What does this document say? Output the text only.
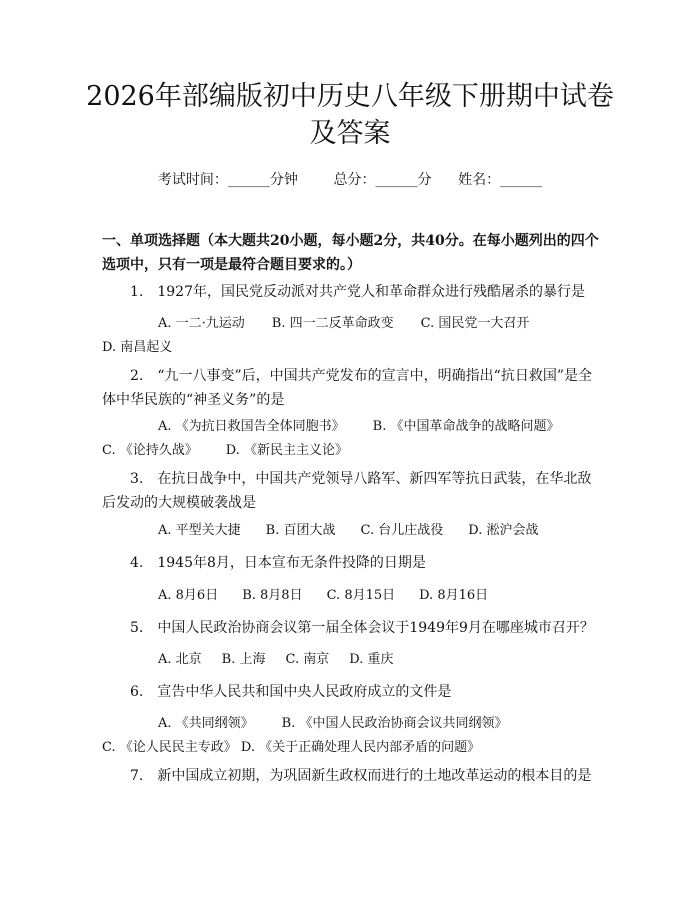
2026年部编版初中历史八年级下册期中试卷及答案
考试时间：______分钟	总分：______分 姓名：______
一、单项选择题（本大题共20小题，每小题2分，共40分。在每小题列出的四个选项中，只有一项是最符合题目要求的。）
1.　1927年，国民党反动派对共产党人和革命群众进行残酷屠杀的暴行是
A. 一二·九运动 B. 四一二反革命政变 C. 国民党一大召开 D. 南昌起义
2.　“九一八事变”后，中国共产党发布的宣言中，明确指出“抗日救国”是全体中华民族的“神圣义务”的是
A. 《为抗日救国告全体同胞书》 B. 《中国革命战争的战略问题》 C. 《论持久战》 D. 《新民主主义论》
3.　在抗日战争中，中国共产党领导八路军、新四军等抗日武装，在华北敌后发动的大规模破袭战是
A. 平型关大捷 B. 百团大战 C. 台儿庄战役 D. 淞沪会战
4.　1945年8月，日本宣布无条件投降的日期是
A. 8月6日 B. 8月8日 C. 8月15日 D. 8月16日
5.　中国人民政治协商会议第一届全体会议于1949年9月在哪座城市召开？
A. 北京 B. 上海 C. 南京 D. 重庆
6.　宣告中华人民共和国中央人民政府成立的文件是
A. 《共同纲领》 B. 《中国人民政治协商会议共同纲领》C. 《论人民民主专政》 D. 《关于正确处理人民内部矛盾的问题》
7.　新中国成立初期，为巩固新生政权而进行的土地改革运动的根本目的是
